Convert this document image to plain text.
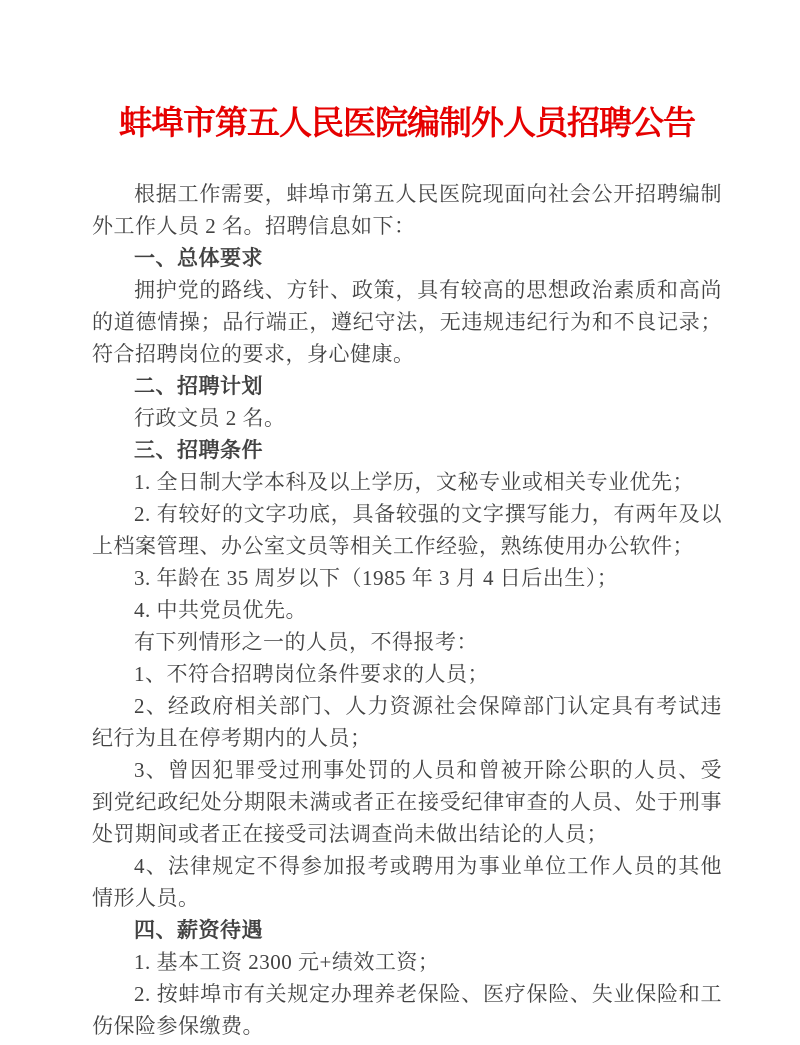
蚌埠市第五人民医院编制外人员招聘公告

根据工作需要，蚌埠市第五人民医院现面向社会公开招聘编制外工作人员 2 名。招聘信息如下：

一、总体要求

拥护党的路线、方针、政策，具有较高的思想政治素质和高尚的道德情操；品行端正，遵纪守法，无违规违纪行为和不良记录；符合招聘岗位的要求，身心健康。

二、招聘计划

行政文员 2 名。

三、招聘条件

1. 全日制大学本科及以上学历，文秘专业或相关专业优先；

2. 有较好的文字功底，具备较强的文字撰写能力，有两年及以上档案管理、办公室文员等相关工作经验，熟练使用办公软件；

3. 年龄在 35 周岁以下（1985 年 3 月 4 日后出生）；

4. 中共党员优先。

有下列情形之一的人员，不得报考：

1、不符合招聘岗位条件要求的人员；

2、经政府相关部门、人力资源社会保障部门认定具有考试违纪行为且在停考期内的人员；

3、曾因犯罪受过刑事处罚的人员和曾被开除公职的人员、受到党纪政纪处分期限未满或者正在接受纪律审查的人员、处于刑事处罚期间或者正在接受司法调查尚未做出结论的人员；

4、法律规定不得参加报考或聘用为事业单位工作人员的其他情形人员。

四、薪资待遇

1. 基本工资 2300 元+绩效工资；

2. 按蚌埠市有关规定办理养老保险、医疗保险、失业保险和工伤保险参保缴费。
